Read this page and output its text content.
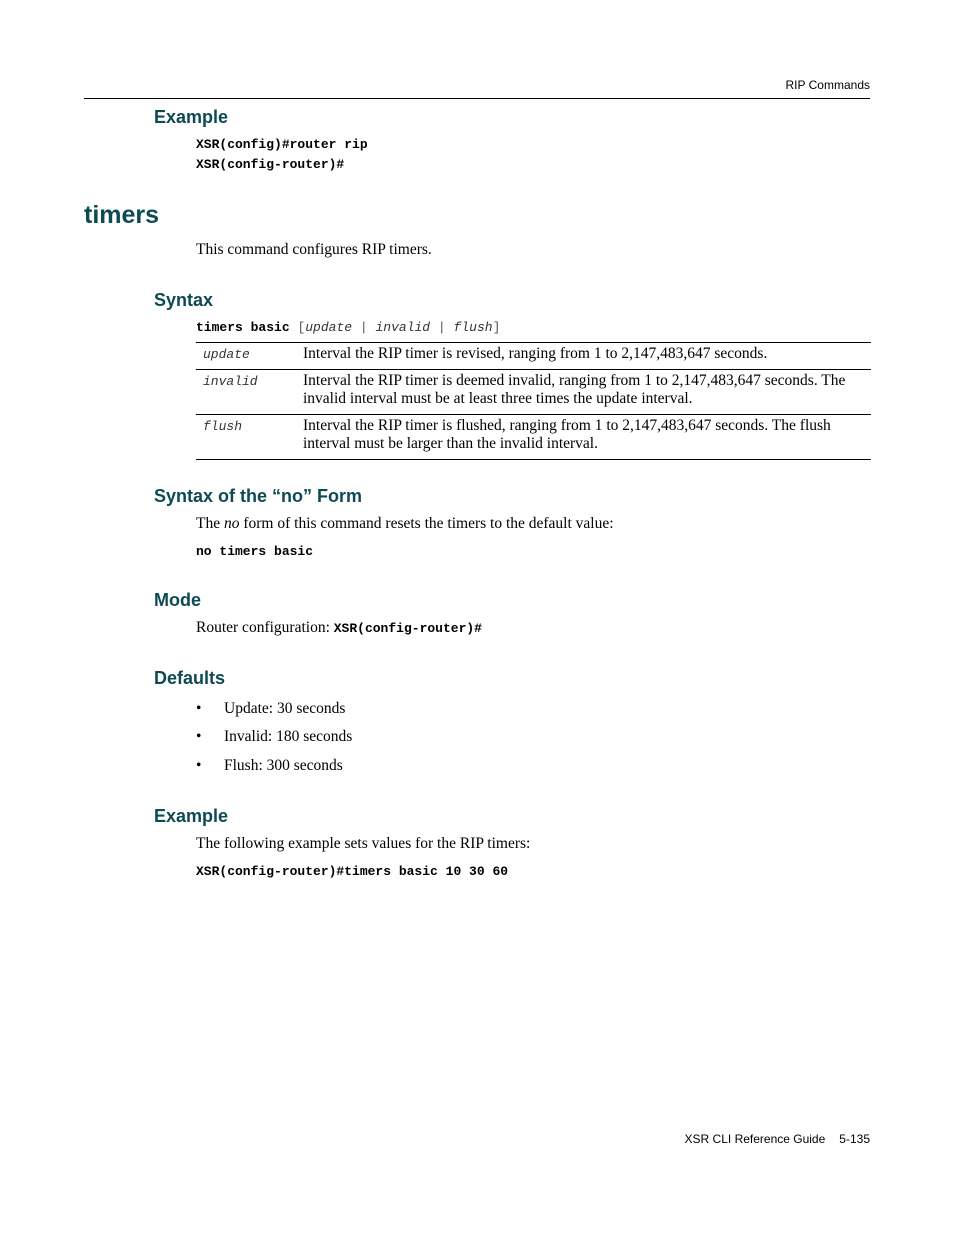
RIP Commands
Example
XSR(config)#router rip
XSR(config-router)#
timers
This command configures RIP timers.
Syntax
timers basic [update | invalid | flush]
update	Interval the RIP timer is revised, ranging from 1 to 2,147,483,647 seconds.
invalid	Interval the RIP timer is deemed invalid, ranging from 1 to 2,147,483,647 seconds. The invalid interval must be at least three times the update interval.
flush	Interval the RIP timer is flushed, ranging from 1 to 2,147,483,647 seconds. The flush interval must be larger than the invalid interval.
Syntax of the “no” Form
The no form of this command resets the timers to the default value:
no timers basic
Mode
Router configuration: XSR(config-router)#
Defaults
• Update: 30 seconds
• Invalid: 180 seconds
• Flush: 300 seconds
Example
The following example sets values for the RIP timers:
XSR(config-router)#timers basic 10 30 60
XSR CLI Reference Guide 5-135
